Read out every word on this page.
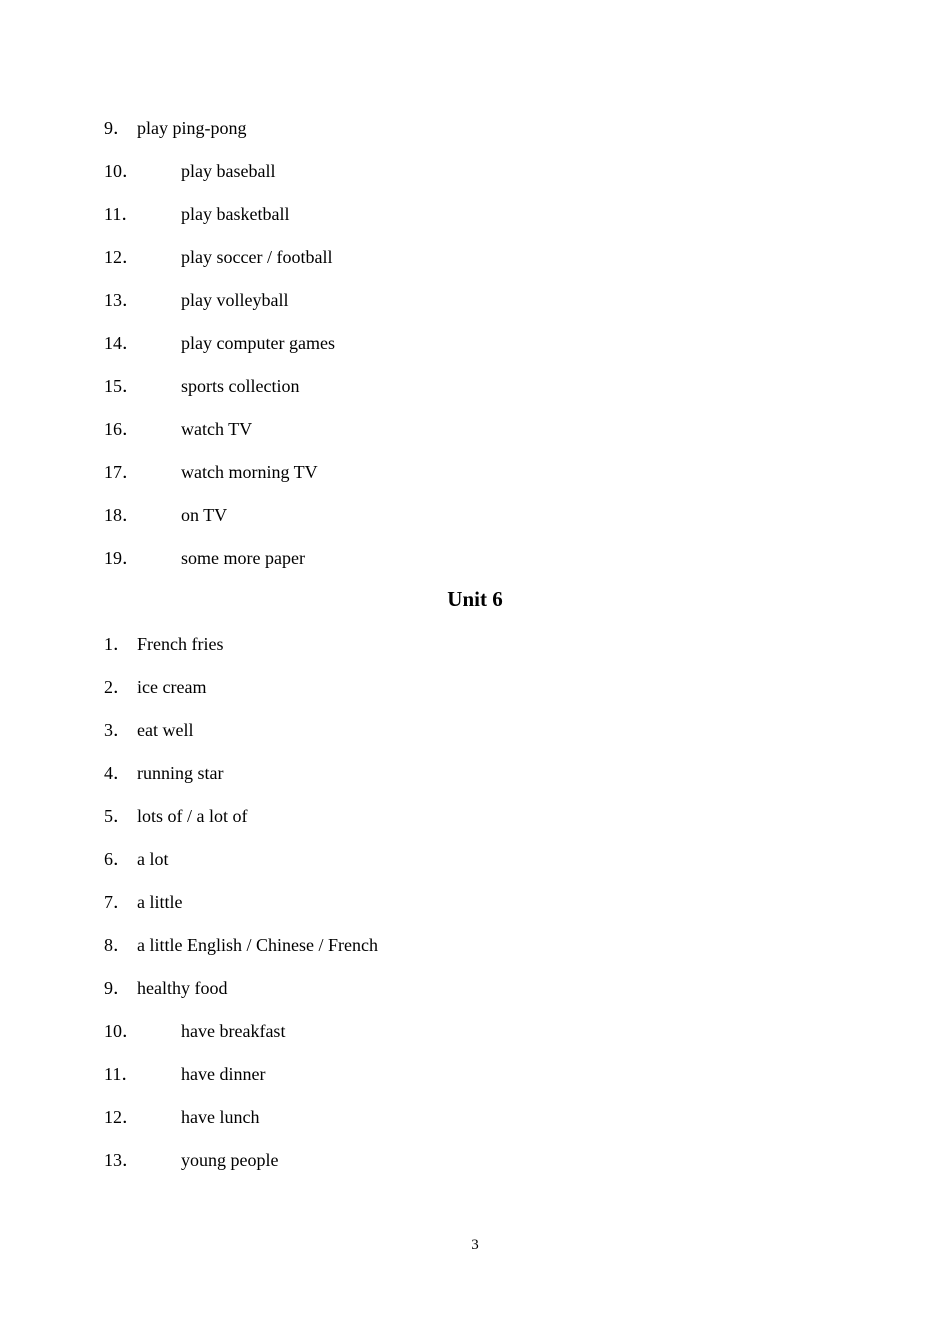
9． play ping-pong
10． play baseball
11． play basketball
12． play soccer / football
13． play volleyball
14． play computer games
15． sports collection
16． watch TV
17． watch morning TV
18． on TV
19． some more paper
Unit 6
1． French fries
2． ice cream
3． eat well
4． running star
5． lots of / a lot of
6． a lot
7． a little
8． a little English / Chinese / French
9． healthy food
10． have breakfast
11． have dinner
12． have lunch
13． young people
3
